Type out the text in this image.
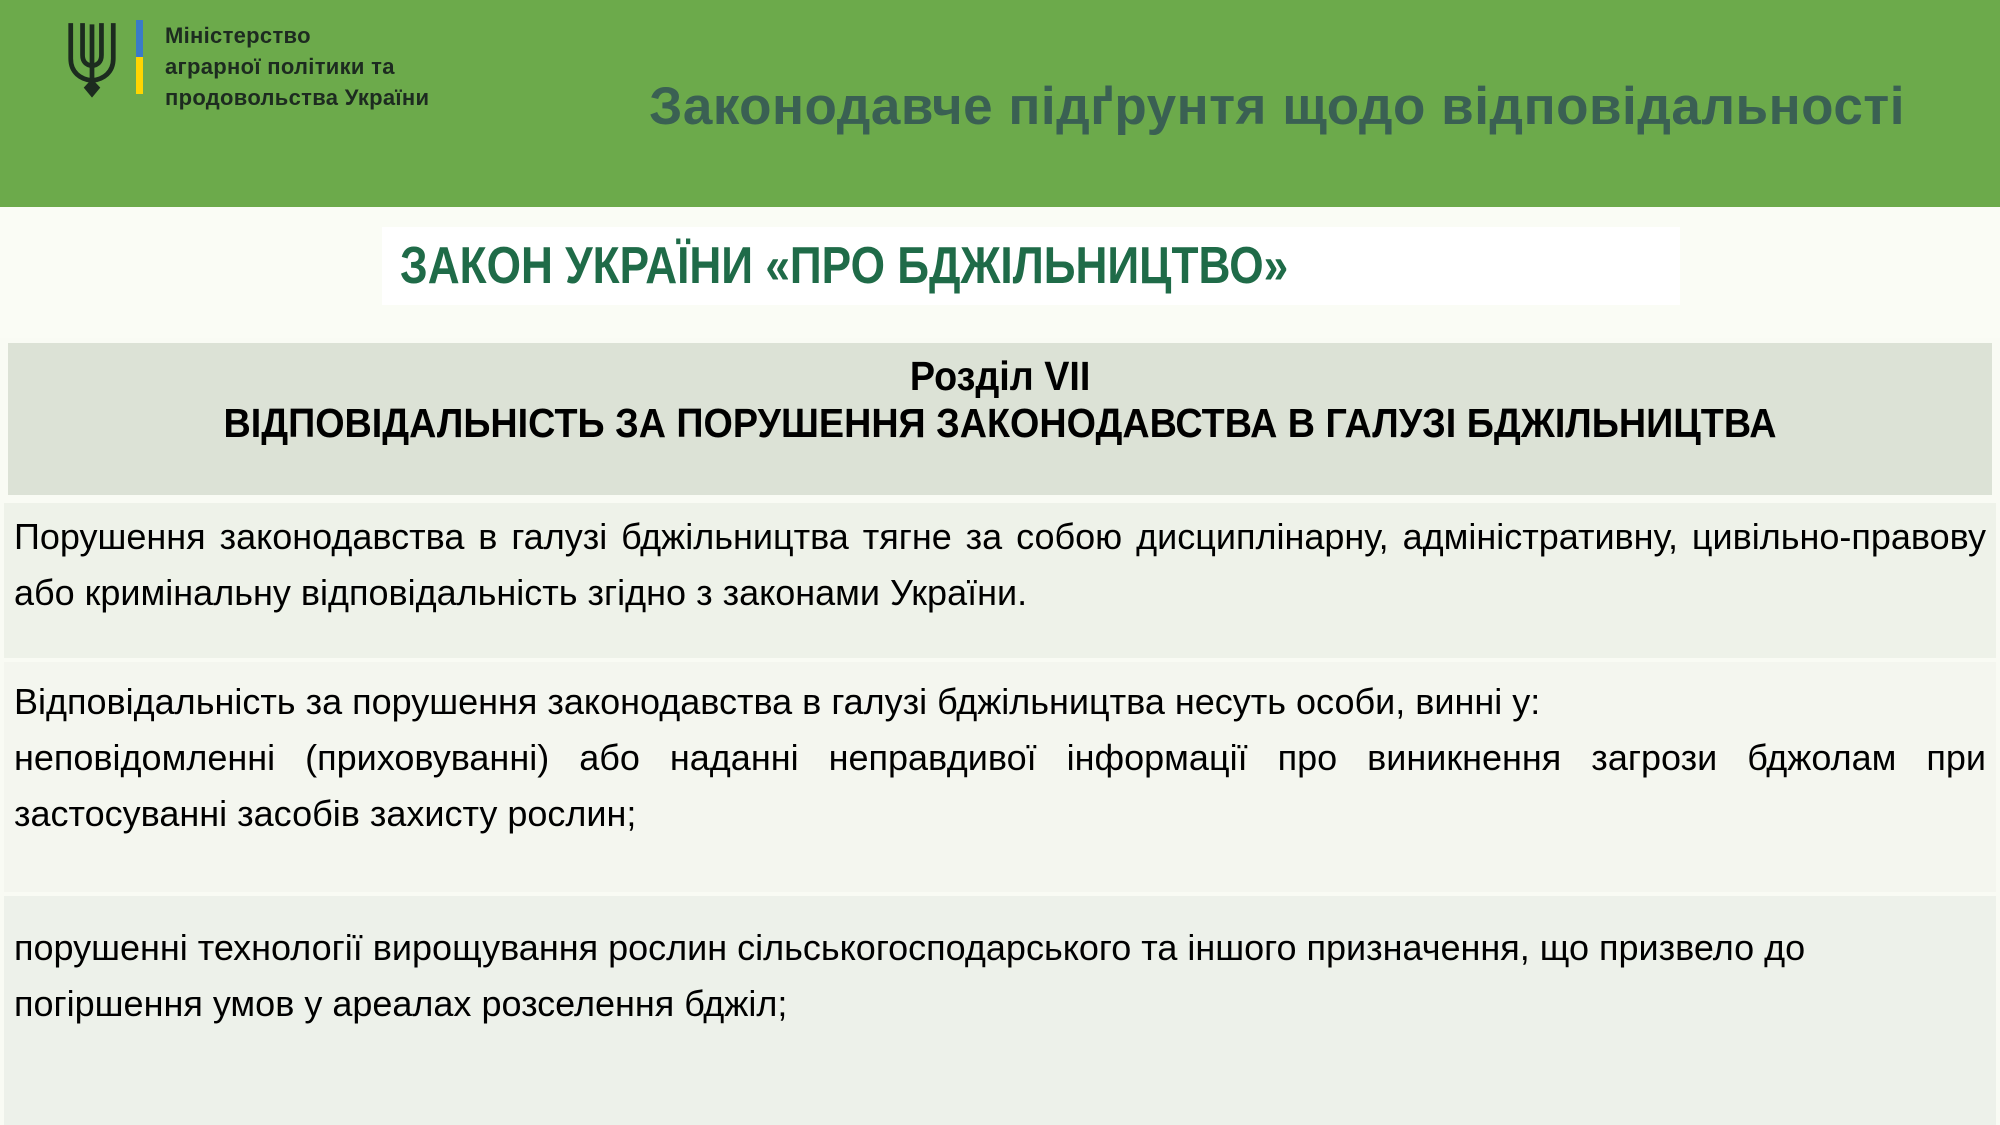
Міністерство
аграрної політики та
продовольства України	Законодавче підґрунтя щодо відповідальності
ЗАКОН УКРАЇНИ «ПРО БДЖІЛЬНИЦТВО»
Розділ VII
ВІДПОВІДАЛЬНІСТЬ ЗА ПОРУШЕННЯ ЗАКОНОДАВСТВА В ГАЛУЗІ БДЖІЛЬНИЦТВА

Порушення законодавства в галузі бджільництва тягне за собою дисциплінарну, адміністративну, цивільно-правову або кримінальну відповідальність згідно з законами України.

Відповідальність за порушення законодавства в галузі бджільництва несуть особи, винні у:

неповідомленні (приховуванні) або наданні неправдивої інформації про виникнення загрози бджолам при застосуванні засобів захисту рослин;

порушенні технології вирощування рослин сільськогосподарського та іншого призначення, що призвело до погіршення умов у ареалах розселення бджіл;
